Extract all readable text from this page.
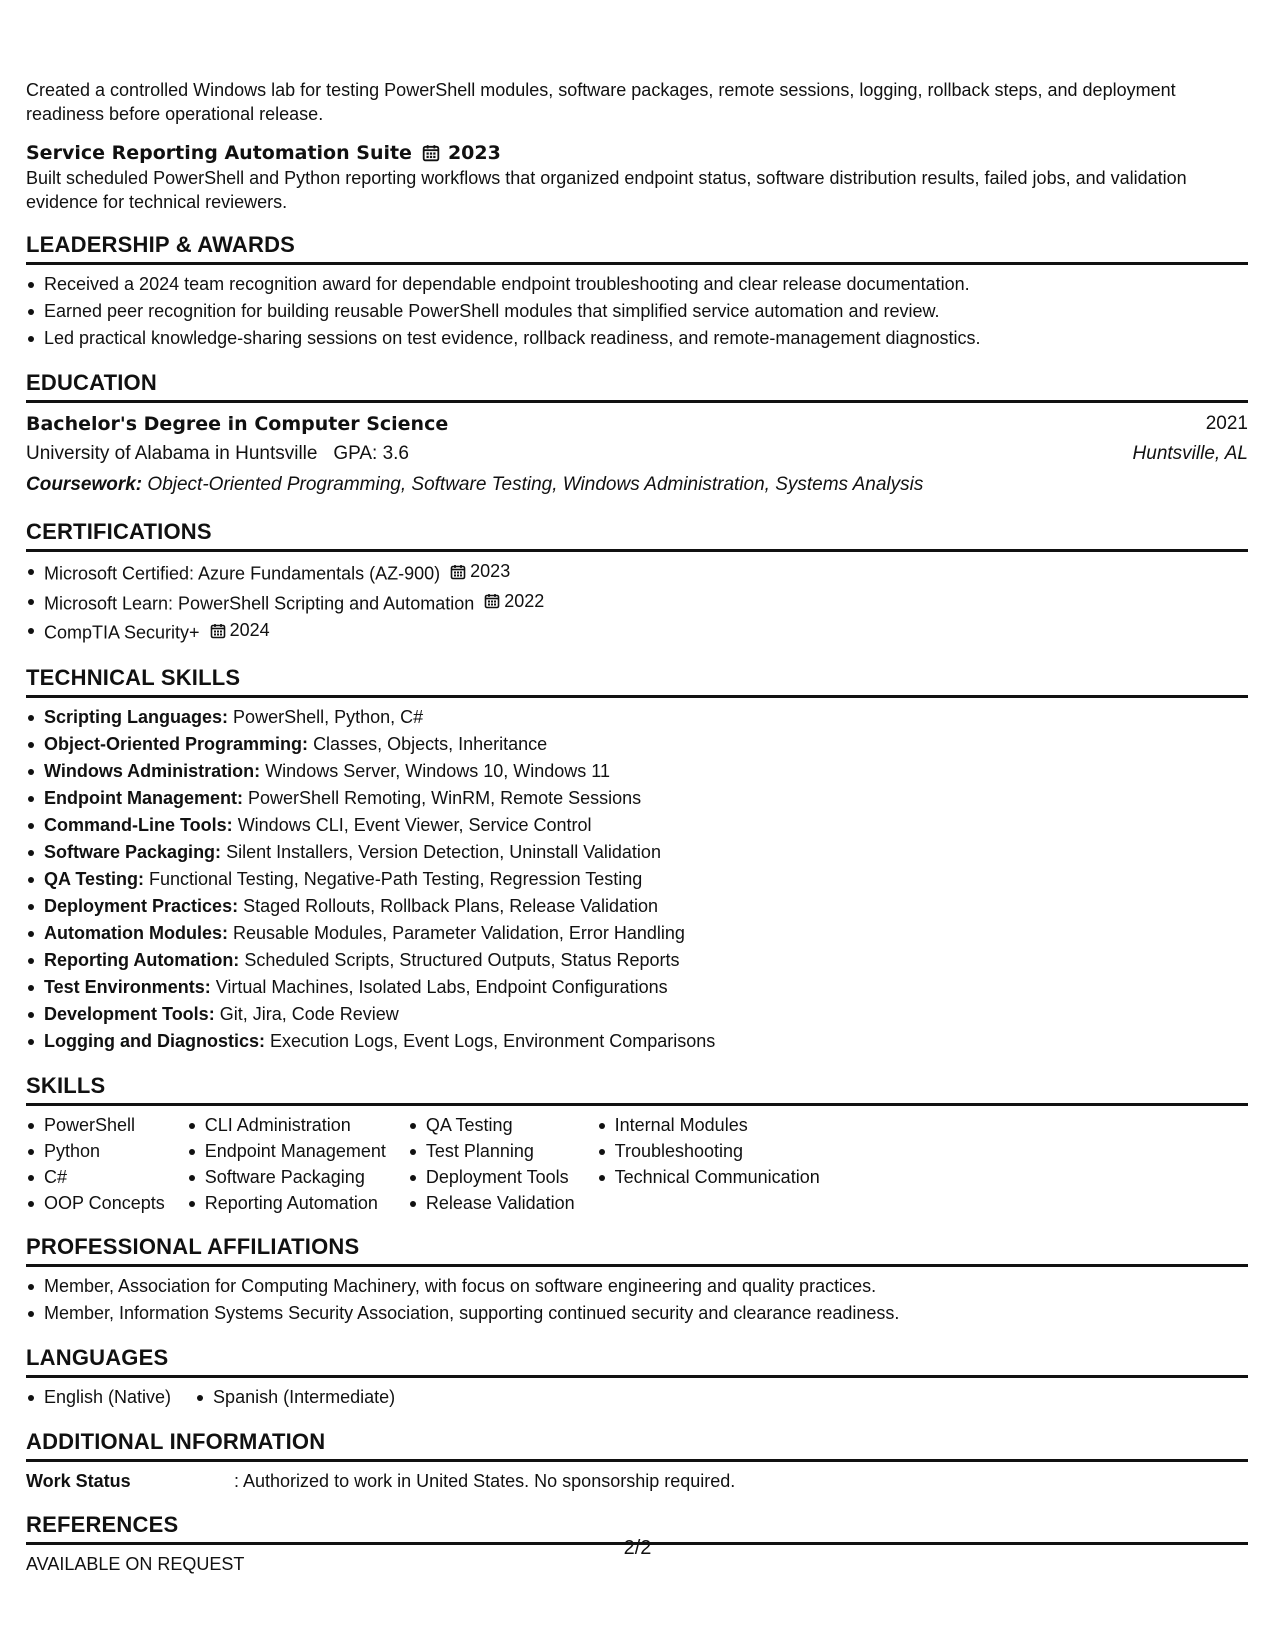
Created a controlled Windows lab for testing PowerShell modules, software packages, remote sessions, logging, rollback steps, and deployment readiness before operational release.

Service Reporting Automation Suite 2023

Built scheduled PowerShell and Python reporting workflows that organized endpoint status, software distribution results, failed jobs, and validation evidence for technical reviewers.

LEADERSHIP & AWARDS
Received a 2024 team recognition award for dependable endpoint troubleshooting and clear release documentation.
Earned peer recognition for building reusable PowerShell modules that simplified service automation and review.
Led practical knowledge-sharing sessions on test evidence, rollback readiness, and remote-management diagnostics.
EDUCATION
Bachelor's Degree in Computer Science	2021
University of Alabama in Huntsville GPA: 3.6	Huntsville, AL
Coursework: Object-Oriented Programming, Software Testing, Windows Administration, Systems Analysis
CERTIFICATIONS
Microsoft Certified: Azure Fundamentals (AZ-900) 2023
Microsoft Learn: PowerShell Scripting and Automation 2022
CompTIA Security+ 2024
TECHNICAL SKILLS
Scripting Languages: PowerShell, Python, C#
Object-Oriented Programming: Classes, Objects, Inheritance
Windows Administration: Windows Server, Windows 10, Windows 11
Endpoint Management: PowerShell Remoting, WinRM, Remote Sessions
Command-Line Tools: Windows CLI, Event Viewer, Service Control
Software Packaging: Silent Installers, Version Detection, Uninstall Validation
QA Testing: Functional Testing, Negative-Path Testing, Regression Testing
Deployment Practices: Staged Rollouts, Rollback Plans, Release Validation
Automation Modules: Reusable Modules, Parameter Validation, Error Handling
Reporting Automation: Scheduled Scripts, Structured Outputs, Status Reports
Test Environments: Virtual Machines, Isolated Labs, Endpoint Configurations
Development Tools: Git, Jira, Code Review
Logging and Diagnostics: Execution Logs, Event Logs, Environment Comparisons
SKILLS
PowerShell
Python
C#
OOP Concepts
CLI Administration
Endpoint Management
Software Packaging
Reporting Automation
QA Testing
Test Planning
Deployment Tools
Release Validation
Internal Modules
Troubleshooting
Technical Communication
PROFESSIONAL AFFILIATIONS
Member, Association for Computing Machinery, with focus on software engineering and quality practices.
Member, Information Systems Security Association, supporting continued security and clearance readiness.
LANGUAGES
English (Native)	Spanish (Intermediate)
ADDITIONAL INFORMATION
Work Status	: Authorized to work in United States. No sponsorship required.
REFERENCES
AVAILABLE ON REQUEST
2/2
